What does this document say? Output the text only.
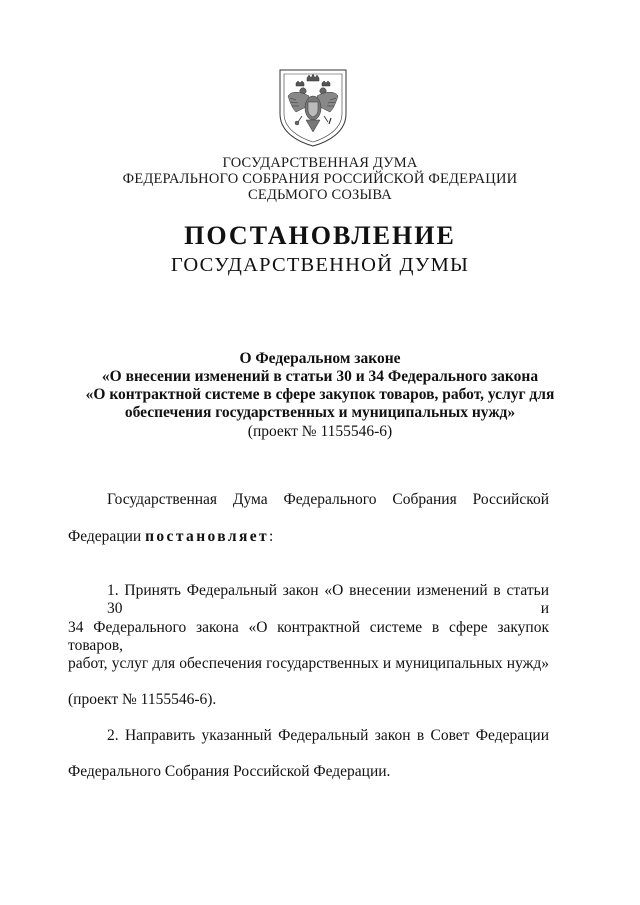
ГОСУДАРСТВЕННАЯ ДУМА
ФЕДЕРАЛЬНОГО СОБРАНИЯ РОССИЙСКОЙ ФЕДЕРАЦИИ
СЕДЬМОГО СОЗЫВА
ПОСТАНОВЛЕНИЕ
ГОСУДАРСТВЕННОЙ ДУМЫ
О Федеральном законе
«О внесении изменений в статьи 30 и 34 Федерального закона
«О контрактной системе в сфере закупок товаров, работ, услуг для
обеспечения государственных и муниципальных нужд»
(проект № 1155546-6)
Государственная Дума Федерального Собрания Российской
Федерации постановляет:
1. Принять Федеральный закон «О внесении изменений в статьи 30 и
34 Федерального закона «О контрактной системе в сфере закупок товаров,
работ, услуг для обеспечения государственных и муниципальных нужд»
(проект № 1155546-6).
2. Направить указанный Федеральный закон в Совет Федерации
Федерального Собрания Российской Федерации.
